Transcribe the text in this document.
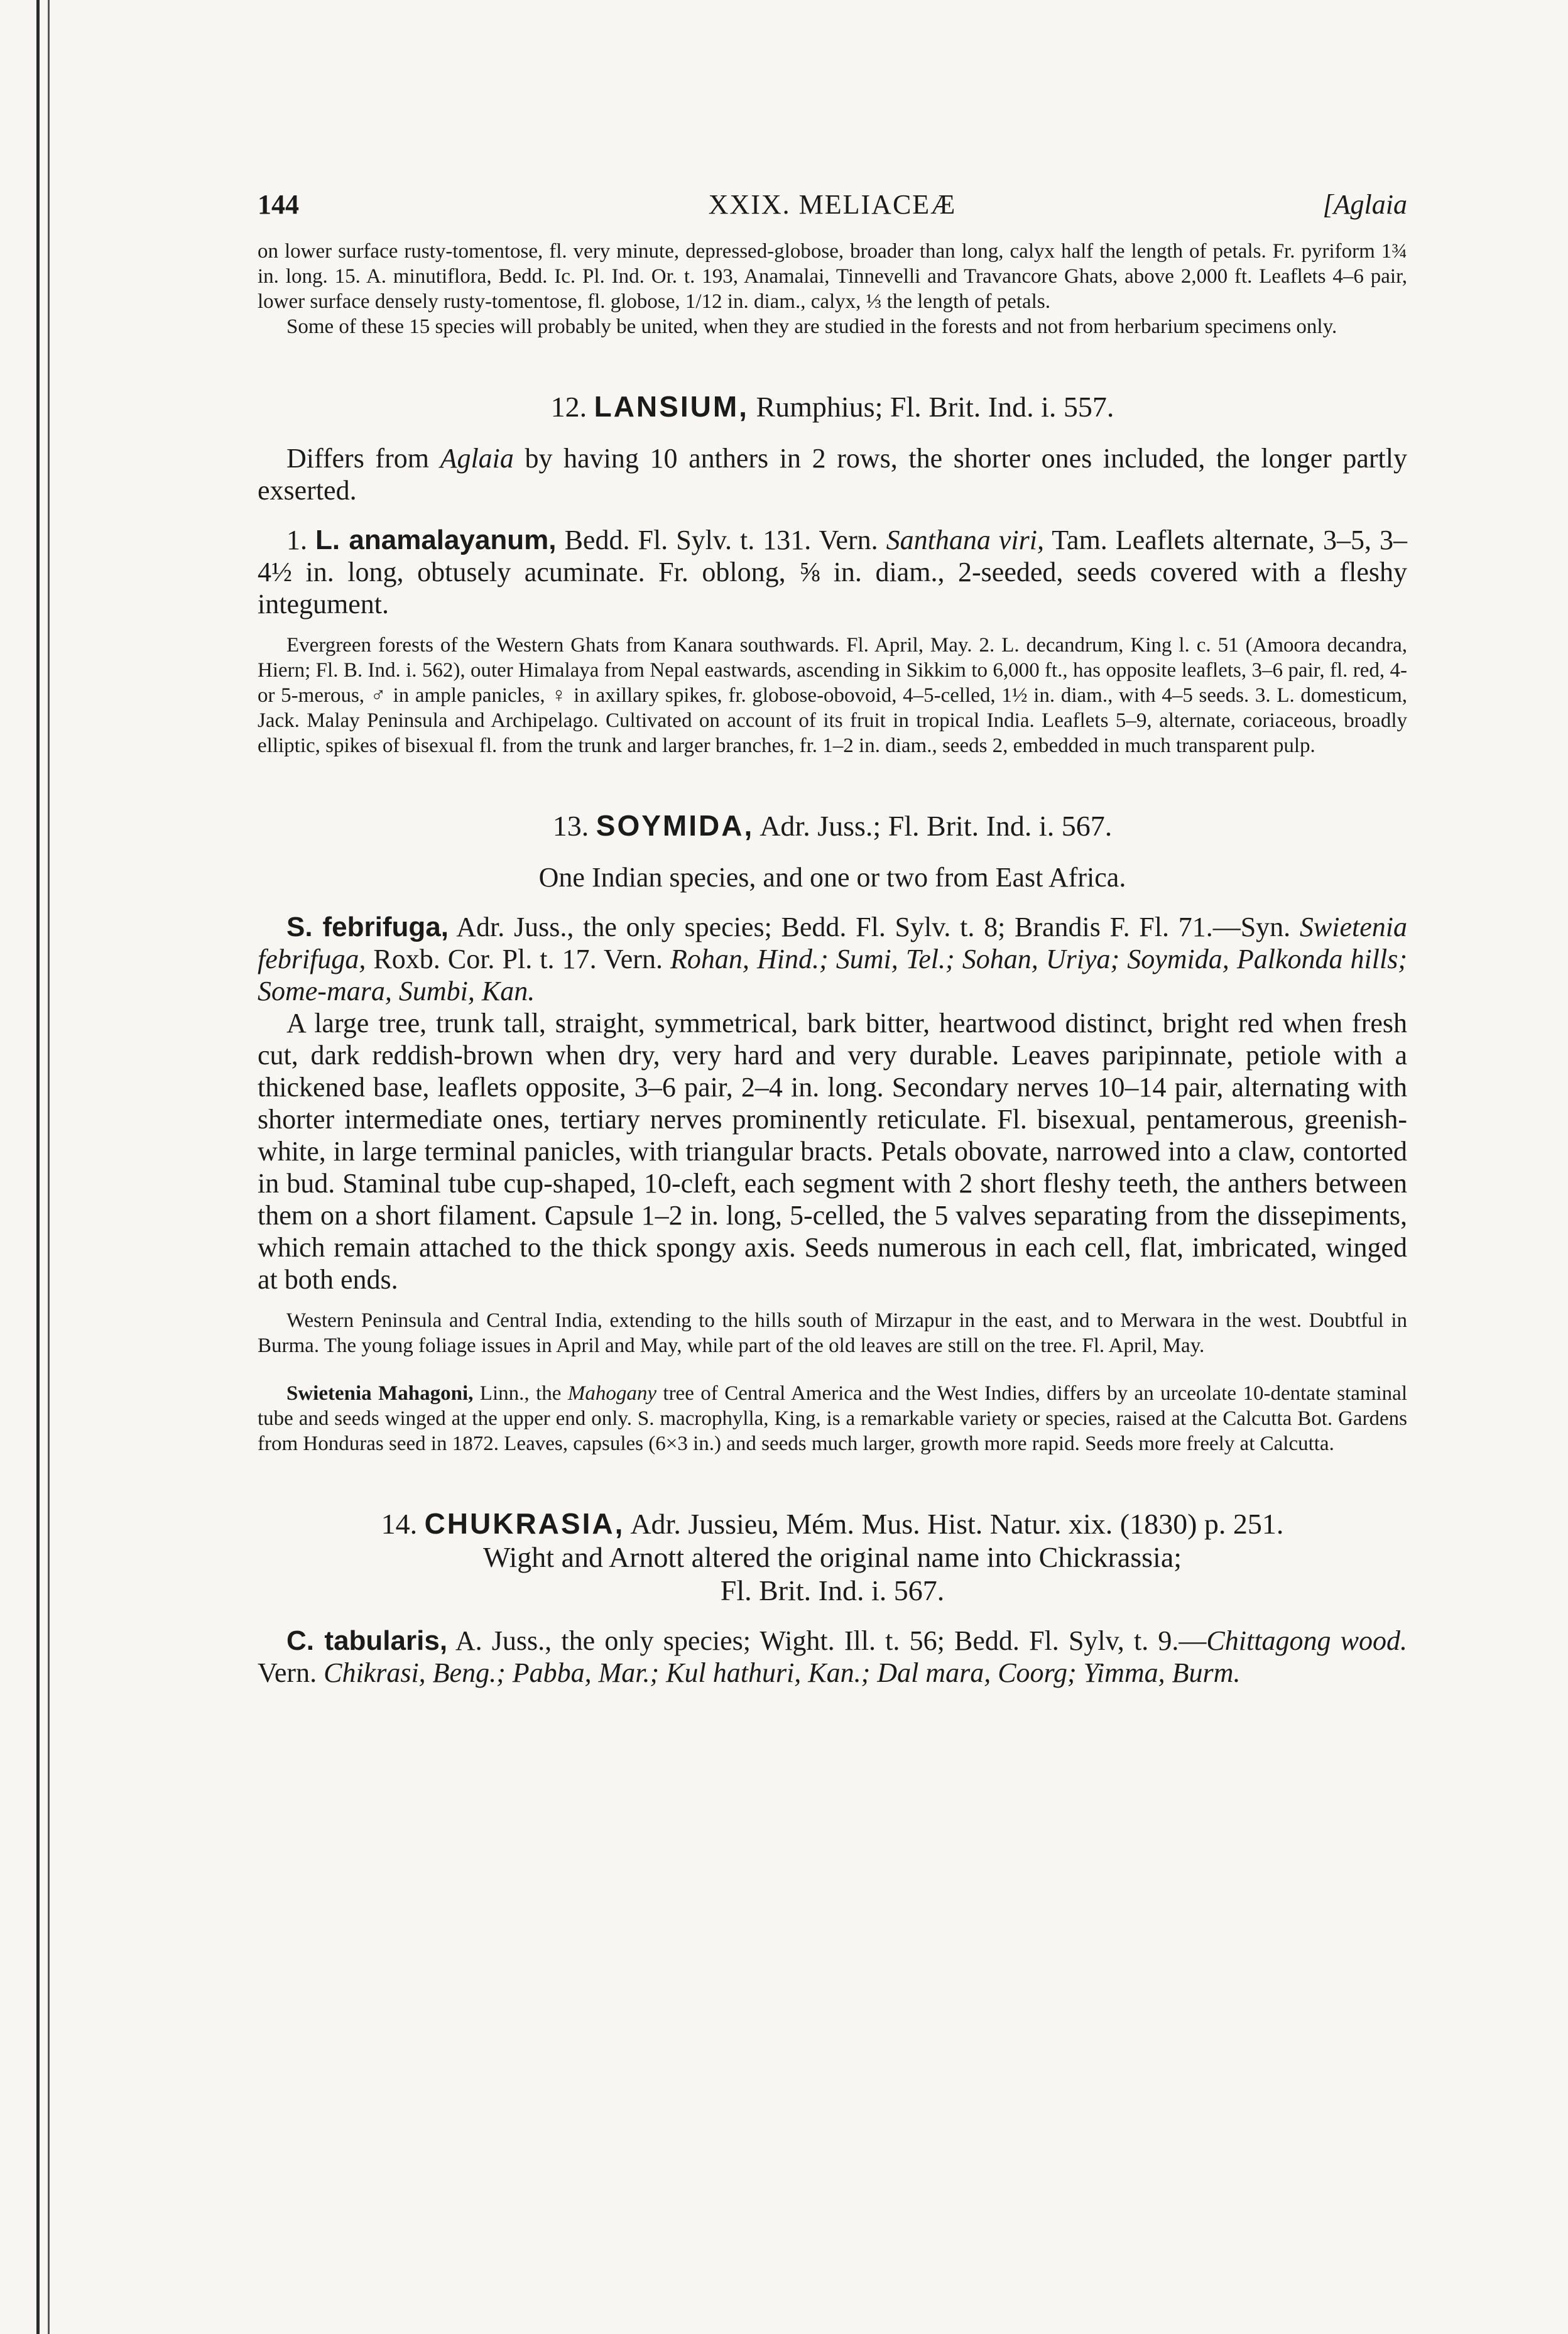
144	XXIX. MELIACEÆ	[Aglaia

on lower surface rusty-tomentose, fl. very minute, depressed-globose, broader than long, calyx half the length of petals. Fr. pyriform 1¾ in. long. 15. A. minutiflora, Bedd. Ic. Pl. Ind. Or. t. 193, Anamalai, Tinnevelli and Travancore Ghats, above 2,000 ft. Leaflets 4–6 pair, lower surface densely rusty-tomentose, fl. globose, 1/12 in. diam., calyx, ⅓ the length of petals.

Some of these 15 species will probably be united, when they are studied in the forests and not from herbarium specimens only.

12. LANSIUM, Rumphius; Fl. Brit. Ind. i. 557.

Differs from Aglaia by having 10 anthers in 2 rows, the shorter ones included, the longer partly exserted.

1. L. anamalayanum, Bedd. Fl. Sylv. t. 131. Vern. Santhana viri, Tam. Leaflets alternate, 3–5, 3–4½ in. long, obtusely acuminate. Fr. oblong, ⅝ in. diam., 2-seeded, seeds covered with a fleshy integument.

Evergreen forests of the Western Ghats from Kanara southwards. Fl. April, May. 2. L. decandrum, King l. c. 51 (Amoora decandra, Hiern; Fl. B. Ind. i. 562), outer Himalaya from Nepal eastwards, ascending in Sikkim to 6,000 ft., has opposite leaflets, 3–6 pair, fl. red, 4- or 5-merous, ♂ in ample panicles, ♀ in axillary spikes, fr. globose-obovoid, 4–5-celled, 1½ in. diam., with 4–5 seeds. 3. L. domesticum, Jack. Malay Peninsula and Archipelago. Cultivated on account of its fruit in tropical India. Leaflets 5–9, alternate, coriaceous, broadly elliptic, spikes of bisexual fl. from the trunk and larger branches, fr. 1–2 in. diam., seeds 2, embedded in much transparent pulp.

13. SOYMIDA, Adr. Juss.; Fl. Brit. Ind. i. 567.

One Indian species, and one or two from East Africa.

S. febrifuga, Adr. Juss., the only species; Bedd. Fl. Sylv. t. 8; Brandis F. Fl. 71.—Syn. Swietenia febrifuga, Roxb. Cor. Pl. t. 17. Vern. Rohan, Hind.; Sumi, Tel.; Sohan, Uriya; Soymida, Palkonda hills; Some-mara, Sumbi, Kan.

A large tree, trunk tall, straight, symmetrical, bark bitter, heartwood distinct, bright red when fresh cut, dark reddish-brown when dry, very hard and very durable. Leaves paripinnate, petiole with a thickened base, leaflets opposite, 3–6 pair, 2–4 in. long. Secondary nerves 10–14 pair, alternating with shorter intermediate ones, tertiary nerves prominently reticulate. Fl. bisexual, pentamerous, greenish-white, in large terminal panicles, with triangular bracts. Petals obovate, narrowed into a claw, contorted in bud. Staminal tube cup-shaped, 10-cleft, each segment with 2 short fleshy teeth, the anthers between them on a short filament. Capsule 1–2 in. long, 5-celled, the 5 valves separating from the dissepiments, which remain attached to the thick spongy axis. Seeds numerous in each cell, flat, imbricated, winged at both ends.

Western Peninsula and Central India, extending to the hills south of Mirzapur in the east, and to Merwara in the west. Doubtful in Burma. The young foliage issues in April and May, while part of the old leaves are still on the tree. Fl. April, May.

Swietenia Mahagoni, Linn., the Mahogany tree of Central America and the West Indies, differs by an urceolate 10-dentate staminal tube and seeds winged at the upper end only. S. macrophylla, King, is a remarkable variety or species, raised at the Calcutta Bot. Gardens from Honduras seed in 1872. Leaves, capsules (6×3 in.) and seeds much larger, growth more rapid. Seeds more freely at Calcutta.

14. CHUKRASIA, Adr. Jussieu, Mém. Mus. Hist. Natur. xix. (1830) p. 251.
Wight and Arnott altered the original name into Chickrassia;
Fl. Brit. Ind. i. 567.

C. tabularis, A. Juss., the only species; Wight. Ill. t. 56; Bedd. Fl. Sylv, t. 9.—Chittagong wood. Vern. Chikrasi, Beng.; Pabba, Mar.; Kul hathuri, Kan.; Dal mara, Coorg; Yimma, Burm.
